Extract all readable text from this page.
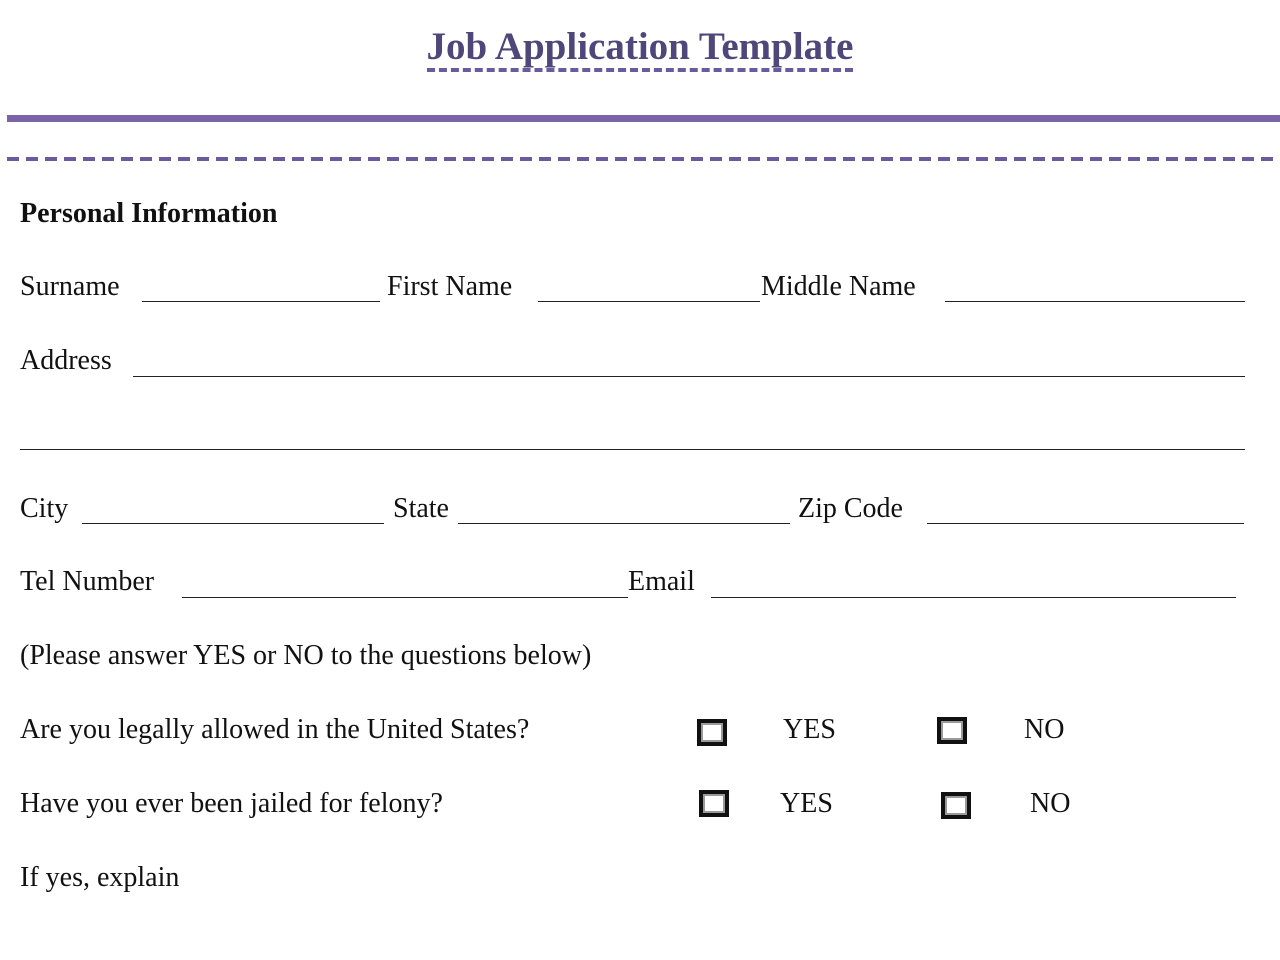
Job Application Template
Personal Information
Surname	First Name	Middle Name
Address
City	State	Zip Code
Tel Number	Email
(Please answer YES or NO to the questions below)
Are you legally allowed in the United States?	YES	NO
Have you ever been jailed for felony?	YES	NO
If yes, explain
